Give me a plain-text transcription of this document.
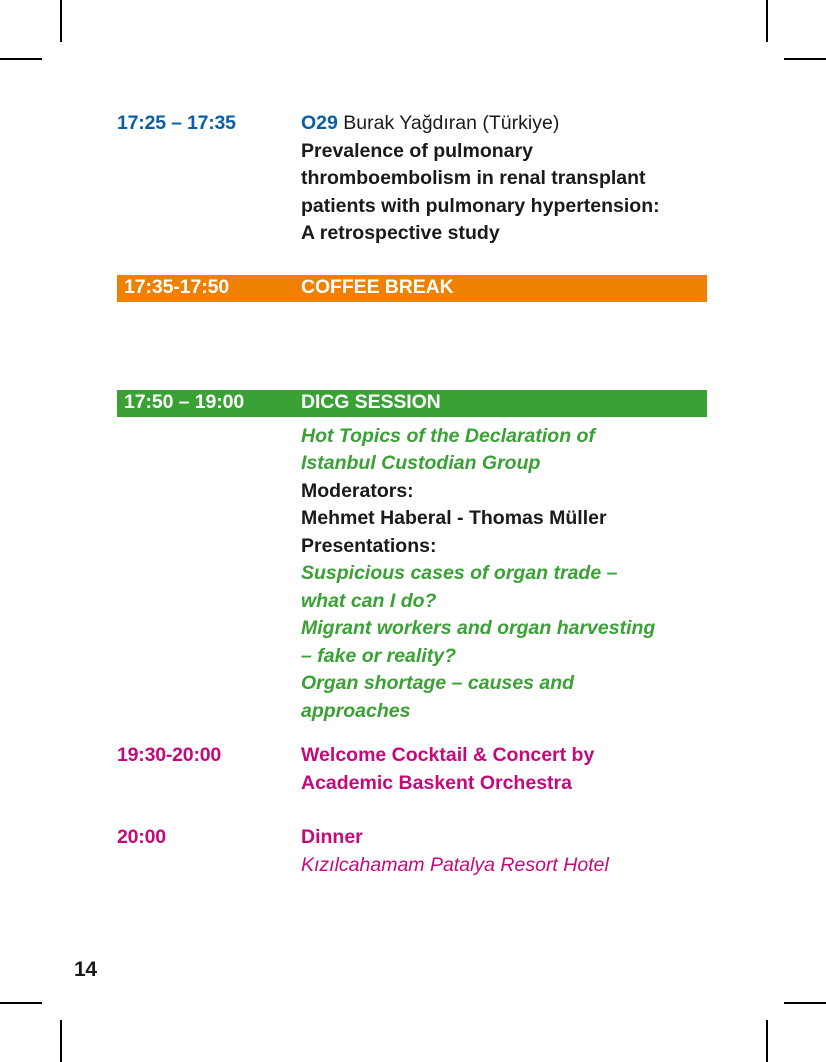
17:25 – 17:35	O29 Burak Yağdıran (Türkiye)
Prevalence of pulmonary
thromboembolism in renal transplant
patients with pulmonary hypertension:
A retrospective study
17:35-17:50	COFFEE BREAK
17:50 – 19:00	DICG SESSION
Hot Topics of the Declaration of
Istanbul Custodian Group
Moderators:
Mehmet Haberal - Thomas Müller
Presentations:
Suspicious cases of organ trade –
what can I do?
Migrant workers and organ harvesting
– fake or reality?
Organ shortage – causes and
approaches
19:30-20:00	Welcome Cocktail & Concert by
Academic Baskent Orchestra
20:00	Dinner
Kızılcahamam Patalya Resort Hotel
14
